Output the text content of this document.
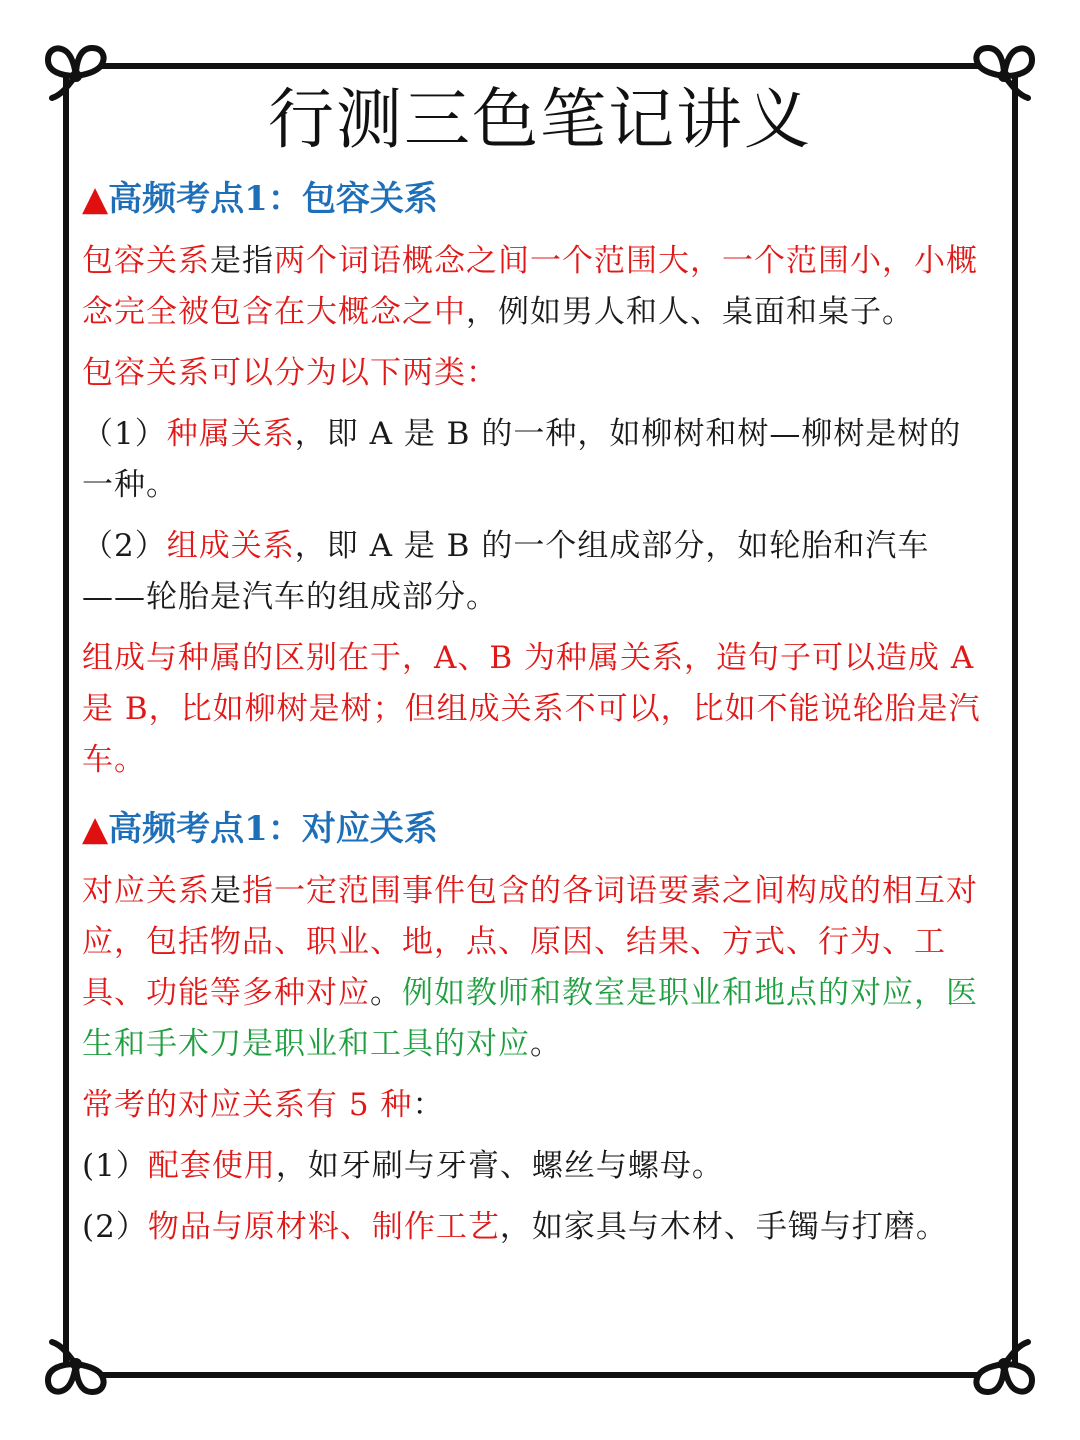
行测三色笔记讲义
▲高频考点1：包容关系
包容关系是指两个词语概念之间一个范围大，一个范围小，小概念完全被包含在大概念之中，例如男人和人、桌面和桌子。
包容关系可以分为以下两类：
（1）种属关系，即 A 是 B 的一种，如柳树和树—柳树是树的一种。
（2）组成关系，即 A 是 B 的一个组成部分，如轮胎和汽车——轮胎是汽车的组成部分。
组成与种属的区别在于，A、B 为种属关系，造句子可以造成 A 是 B，比如柳树是树；但组成关系不可以，比如不能说轮胎是汽车。
▲高频考点1：对应关系
对应关系是指一定范围事件包含的各词语要素之间构成的相互对应，包括物品、职业、地，点、原因、结果、方式、行为、工具、功能等多种对应。例如教师和教室是职业和地点的对应，医生和手术刀是职业和工具的对应。
常考的对应关系有 5 种：
(1）配套使用，如牙刷与牙膏、螺丝与螺母。
(2）物品与原材料、制作工艺，如家具与木材、手镯与打磨。
